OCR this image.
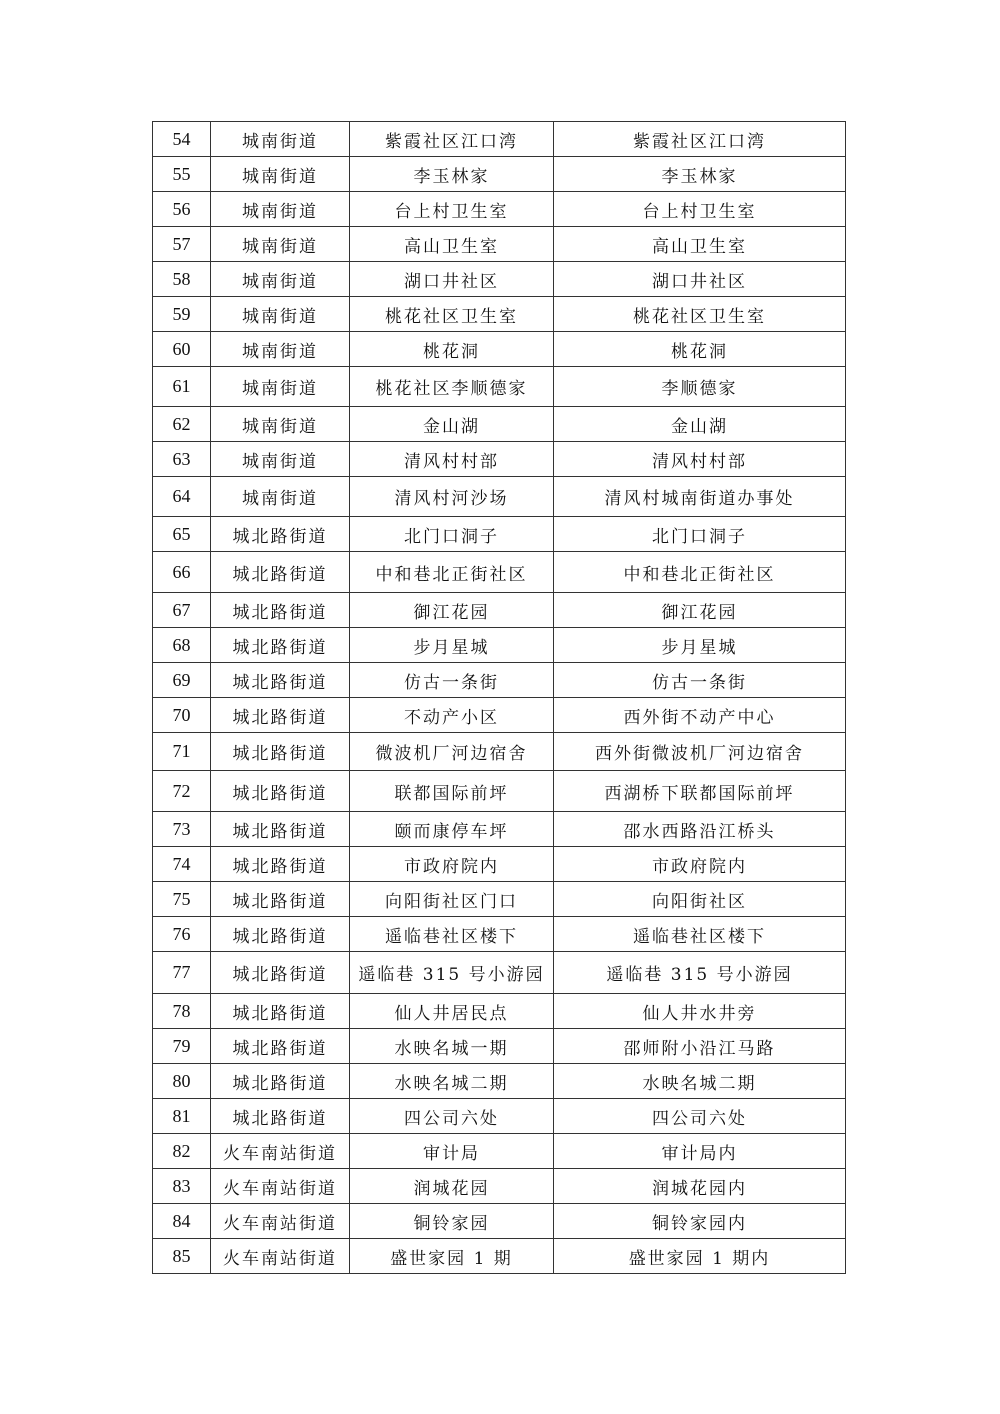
54	城南街道	紫霞社区江口湾	紫霞社区江口湾
55	城南街道	李玉林家	李玉林家
56	城南街道	台上村卫生室	台上村卫生室
57	城南街道	高山卫生室	高山卫生室
58	城南街道	湖口井社区	湖口井社区
59	城南街道	桃花社区卫生室	桃花社区卫生室
60	城南街道	桃花洞	桃花洞
61	城南街道	桃花社区李顺德家	李顺德家
62	城南街道	金山湖	金山湖
63	城南街道	清风村村部	清风村村部
64	城南街道	清风村河沙场	清风村城南街道办事处
65	城北路街道	北门口洞子	北门口洞子
66	城北路街道	中和巷北正街社区	中和巷北正街社区
67	城北路街道	御江花园	御江花园
68	城北路街道	步月星城	步月星城
69	城北路街道	仿古一条街	仿古一条街
70	城北路街道	不动产小区	西外街不动产中心
71	城北路街道	微波机厂河边宿舍	西外街微波机厂河边宿舍
72	城北路街道	联都国际前坪	西湖桥下联都国际前坪
73	城北路街道	颐而康停车坪	邵水西路沿江桥头
74	城北路街道	市政府院内	市政府院内
75	城北路街道	向阳街社区门口	向阳街社区
76	城北路街道	遥临巷社区楼下	遥临巷社区楼下
77	城北路街道	遥临巷 315 号小游园	遥临巷 315 号小游园
78	城北路街道	仙人井居民点	仙人井水井旁
79	城北路街道	水映名城一期	邵师附小沿江马路
80	城北路街道	水映名城二期	水映名城二期
81	城北路街道	四公司六处	四公司六处
82	火车南站街道	审计局	审计局内
83	火车南站街道	润城花园	润城花园内
84	火车南站街道	铜铃家园	铜铃家园内
85	火车南站街道	盛世家园 1 期	盛世家园 1 期内
